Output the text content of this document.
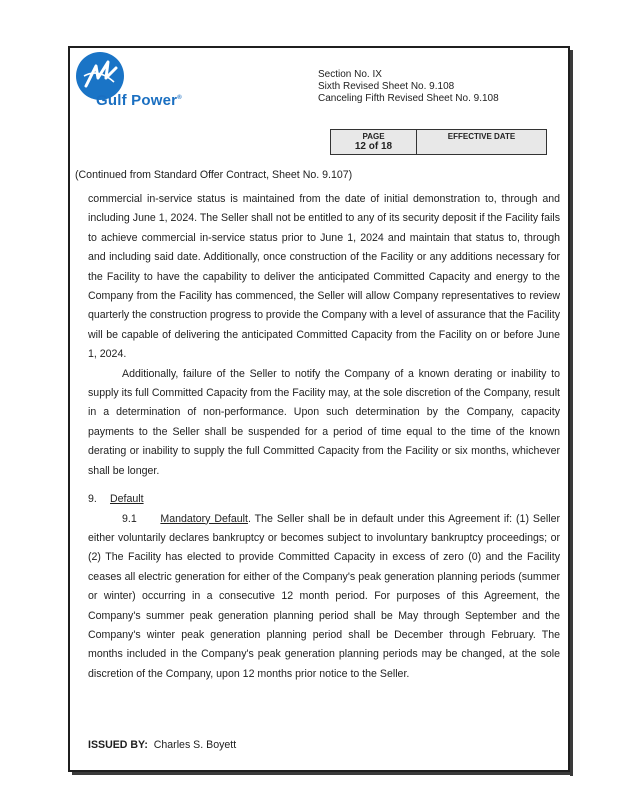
Gulf Power®
Section No. IX
Sixth Revised Sheet No. 9.108
Canceling Fifth Revised Sheet No. 9.108
PAGE
12 of 18
EFFECTIVE DATE
(Continued from Standard Offer Contract, Sheet No. 9.107)

commercial in-service status is maintained from the date of initial demonstration to, through and including June 1, 2024. The Seller shall not be entitled to any of its security deposit if the Facility fails to achieve commercial in-service status prior to June 1, 2024 and maintain that status to, through and including said date. Additionally, once construction of the Facility or any additions necessary for the Facility to have the capability to deliver the anticipated Committed Capacity and energy to the Company from the Facility has commenced, the Seller will allow Company representatives to review quarterly the construction progress to provide the Company with a level of assurance that the Facility will be capable of delivering the anticipated Committed Capacity from the Facility on or before June 1, 2024.

Additionally, failure of the Seller to notify the Company of a known derating or inability to supply its full Committed Capacity from the Facility may, at the sole discretion of the Company, result in a determination of non-performance. Upon such determination by the Company, capacity payments to the Seller shall be suspended for a period of time equal to the time of the known derating or inability to supply the full Committed Capacity from the Facility or six months, whichever shall be longer.

9. Default

9.1 Mandatory Default. The Seller shall be in default under this Agreement if: (1) Seller either voluntarily declares bankruptcy or becomes subject to involuntary bankruptcy proceedings; or (2) The Facility has elected to provide Committed Capacity in excess of zero (0) and the Facility ceases all electric generation for either of the Company's peak generation planning periods (summer or winter) occurring in a consecutive 12 month period. For purposes of this Agreement, the Company's summer peak generation planning period shall be May through September and the Company's winter peak generation planning period shall be December through February. The months included in the Company's peak generation planning periods may be changed, at the sole discretion of the Company, upon 12 months prior notice to the Seller.

ISSUED BY: Charles S. Boyett
